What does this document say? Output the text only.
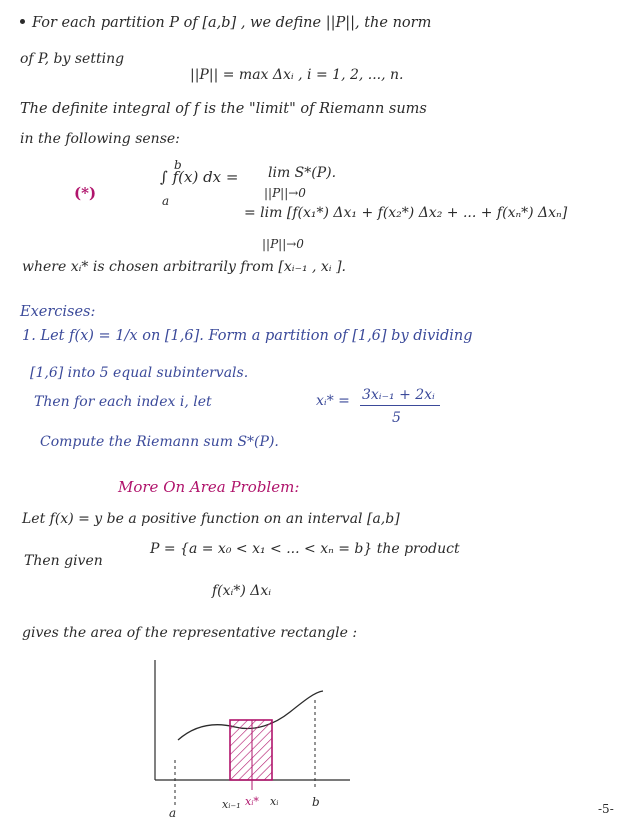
For each partition P of [a,b] , we define ||P||, the norm
of P, by setting
||P|| = max Δxᵢ , i = 1, 2, ..., n.
The definite integral of f is the "limit" of Riemann sums
in the following sense:
(*)
b
a
∫ f(x) dx = lim S*(P).
||P||→0
= lim [f(x₁*) Δx₁ + f(x₂*) Δx₂ + ... + f(xₙ*) Δxₙ]
||P||→0
where xᵢ* is chosen arbitrarily from [xᵢ₋₁ , xᵢ ].
Exercises:
1. Let f(x) = 1/x on [1,6]. Form a partition of [1,6] by dividing
[1,6] into 5 equal subintervals.
Then for each index i, let	xᵢ* = 3xᵢ₋₁ + 2xᵢ
5
Compute the Riemann sum S*(P).
More On Area Problem:
Let f(x) = y be a positive function on an interval [a,b]
Then given
P = {a = x₀ < x₁ < ... < xₙ = b} the product
f(xᵢ*) Δxᵢ
gives the area of the representative rectangle :
a
xᵢ₋₁ xᵢ* xᵢ	b	-5-
